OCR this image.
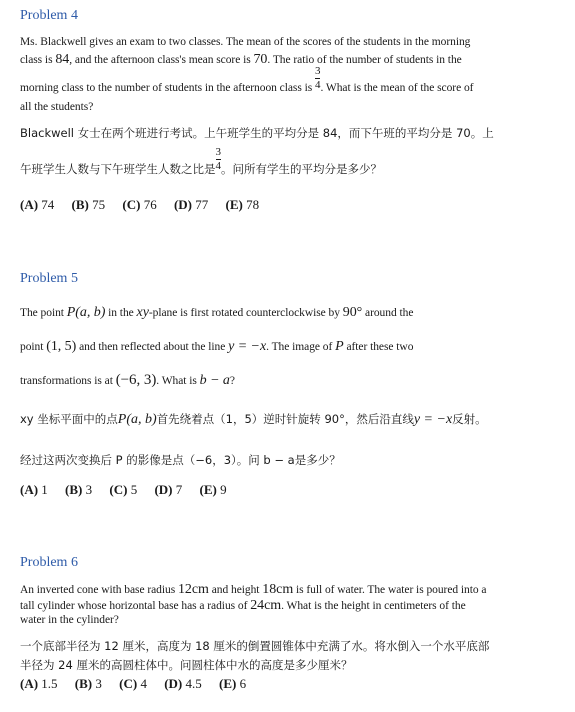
Problem 4
Ms. Blackwell gives an exam to two classes. The mean of the scores of the students in the morning
class is 84, and the afternoon class's mean score is 70. The ratio of the number of students in the
morning class to the number of students in the afternoon class is $\frac{3}{4}$ . What is the mean of the score of
all the students?
Blackwell 女士在两个班进行考试。上午班学生的平均分是 84，而下午班的平均分是 70。上
午班学生人数与下午班学生人数之比是 $\frac{3}{4}$ 。问所有学生的平均分是多少？
(A) 74 (B) 75 (C) 76 (D) 77 (E) 78
Problem 5
The point P(a, b) in the xy-plane is first rotated counterclockwise by 90° around the
point (1, 5) and then reflected about the line y = −x. The image of P after these two
transformations is at (−6, 3). What is b − a?
xy 坐标平面中的点P(a, b)首先绕着点（1，5）逆时针旋转 90°，然后沿直线y = −x反射。
经过这两次变换后 P 的影像是点（−6，3）。问 b − a是多少？
(A) 1 (B) 3 (C) 5 (D) 7 (E) 9
Problem 6
An inverted cone with base radius 12cm and height 18cm is full of water. The water is poured into a
tall cylinder whose horizontal base has a radius of 24cm. What is the height in centimeters of the
water in the cylinder?
一个底部半径为 12 厘米，高度为 18 厘米的倒置圆锥体中充满了水。将水倒入一个水平底部
半径为 24 厘米的高圆柱体中。问圆柱体中水的高度是多少厘米？
(A) 1.5 (B) 3 (C) 4 (D) 4.5 (E) 6
